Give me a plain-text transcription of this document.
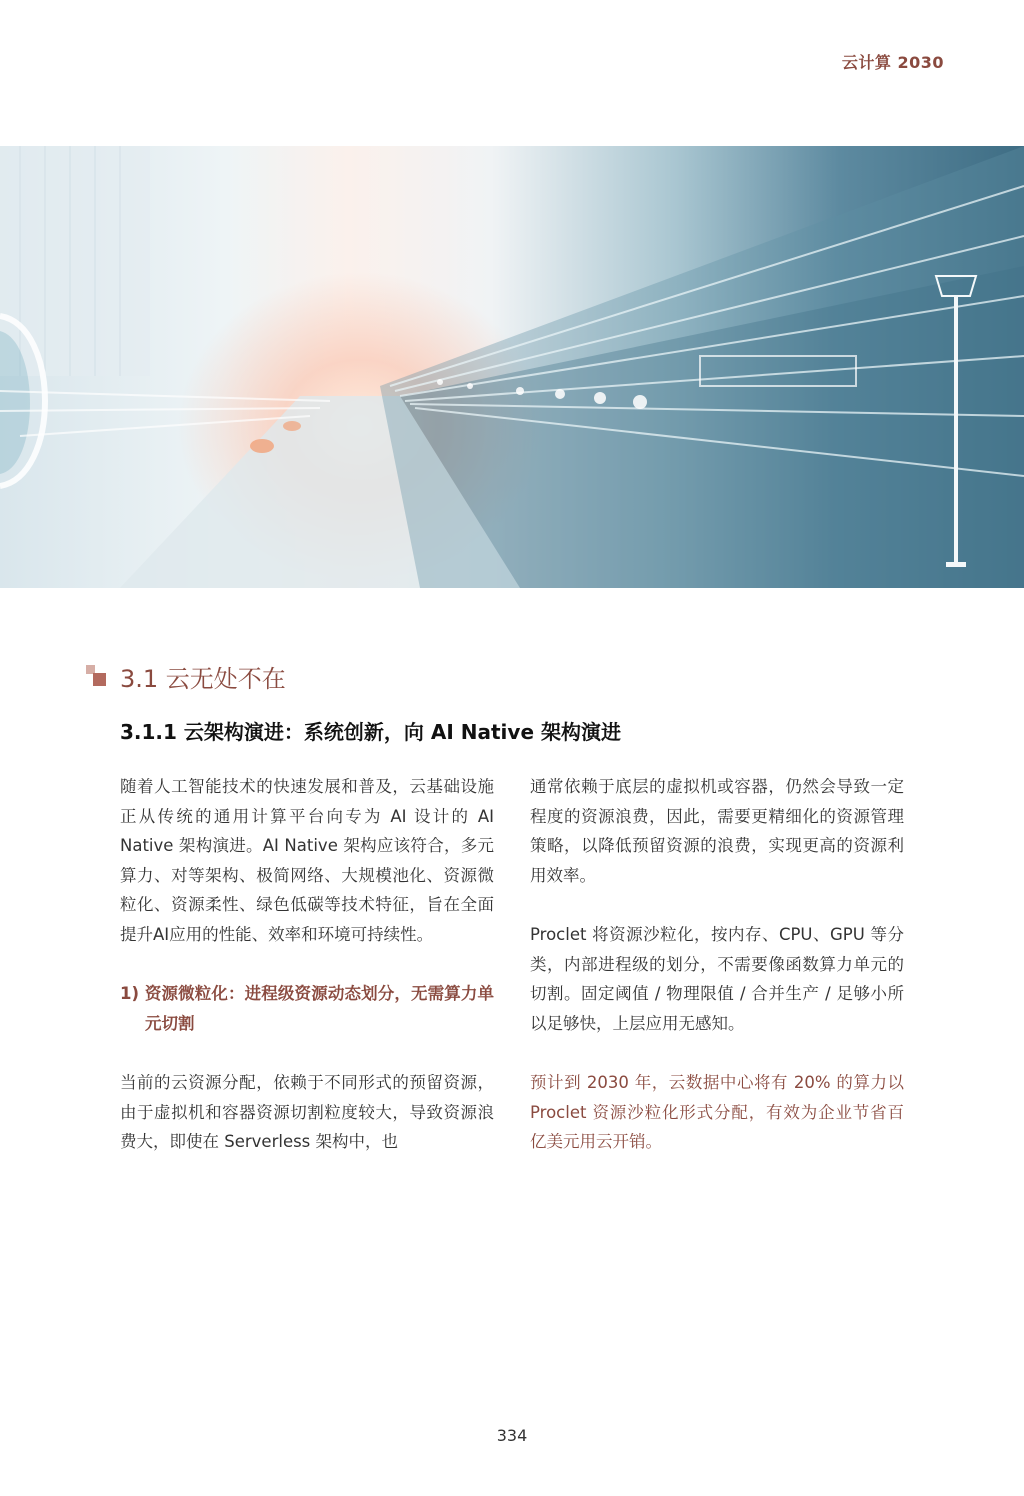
云计算 2030
3.1 云无处不在
3.1.1 云架构演进：系统创新，向 AI Native 架构演进

随着人工智能技术的快速发展和普及，云基础设施正从传统的通用计算平台向专为 AI 设计的 AI Native 架构演进。AI Native 架构应该符合，多元算力、对等架构、极简网络、大规模池化、资源微粒化、资源柔性、绿色低碳等技术特征，旨在全面提升AI应用的性能、效率和环境可持续性。

1) 资源微粒化：进程级资源动态划分，无需算力单元切割

当前的云资源分配，依赖于不同形式的预留资源，由于虚拟机和容器资源切割粒度较大，导致资源浪费大，即使在 Serverless 架构中，也

通常依赖于底层的虚拟机或容器，仍然会导致一定程度的资源浪费，因此，需要更精细化的资源管理策略，以降低预留资源的浪费，实现更高的资源利用效率。

Proclet 将资源沙粒化，按内存、CPU、GPU 等分类，内部进程级的划分，不需要像函数算力单元的切割。固定阈值 / 物理限值 / 合并生产 / 足够小所以足够快，上层应用无感知。

预计到 2030 年，云数据中心将有 20% 的算力以 Proclet 资源沙粒化形式分配，有效为企业节省百亿美元用云开销。

334
